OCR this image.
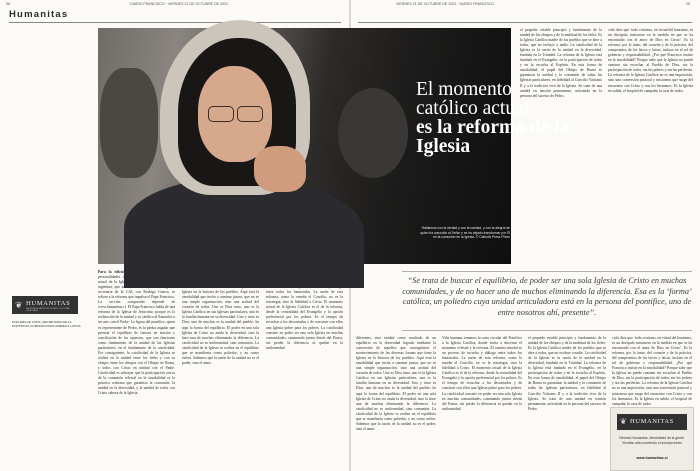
96	DIARIO FRANCISCO · VIERNES 21 DE OCTUBRE DE 2022	VIERNES 21 DE OCTUBRE DE 2022 · DIARIO FRANCISCO	25
Humanitas
El momento
católico actual
es la reforma de la Iglesia

Hablamos con la verdad y con la caridad, y con la alegría de quien ha conocido al Señor y se ha dejado transformar por Él en la comunión de la Iglesia. © Catholic Press Photo

❦ HUMANITAS
REVISTA DE ANTROPOLOGÍA Y CULTURA CRISTIANA

POR EMILCE CUDA, SECRETARIA DE LA PONTIFICIA COMISIÓN PARA AMÉRICA LATINA

Para la edición n°600 de Humanitas diez personalidades reflexionaron sobre el momento actual de la Iglesia. Emilce Cuda, teóloga laica argentina, que actualmente comparte el cargo de secretaria de la CAL con Rodrigo Guerra, se refiere a la reforma que impulsa el Papa Francisco. La sección compartida depende de www.humanitas.cl. El Papa Francisco habla de una reforma de la Iglesia de Jesucristo porque es la realización de la unidad y es católica al llamarlos a ser uno con el Padre. La figura del pontífice, quien es representante de Pedro, es la piedra angular que permite el equilibrio de fuerzas en tensión y conciliación de los opuestos, que son funciones como fundamento de la unidad de las Iglesias particulares, en el fundamento de la catolicidad. Por consiguiente, la catolicidad de la Iglesia se realiza en la unidad entre los fieles y con su obispo; entre los obispos con el Obispo de Roma, y todos con Cristo en unidad con el Padre. Catolicidad es subrayar que la participación activa de la comunión eclesial en la sinodalidad es la práctica cristiana que garantiza la comunión, la unidad en la diversidad, y la unidad de todos con Cristo cabeza de la Iglesia.

diferentes, sino unidad como resultado de un equilibrio en la diversidad logrado mediante la conversión de aquellos que conseguimos el acontecimiento de las diversas formas que tiene la Iglesia en la historia de los pueblos. Aquí está la sinodalidad que invita a caminar juntos, que no es una simple organización, sino una actitud del corazón de todos. Uno es Dios trino, uno es la Iglesia Católica en sus Iglesias particulares, una es la familia humana en su diversidad. Uno y trino es Dios, uno de muchos es la unidad del pueblo: he aquí la forma del equilibrio. El poder en una sola Iglesia de Cristo no anula la diversidad, sino la hace una de muchas eliminando la diferencia. La catolicidad no es uniformidad, sino comunión. La catolicidad de la Iglesia se realiza en el equilibrio que se manifiesta como poliedro, y no como esfera. Sabemos que la razón de la unidad no es el poder, sino el amor.

Vida humana, tenemos la carta circular del Pontífice a la Iglesia Católica, donde invita a discernir el momento eclesial y la reforma. El camino sinodal es un proceso de escucha y diálogo entre todos los bautizados. La razón de esta reforma, como lo enseña el Concilio, no es la estrategia, sino la fidelidad a Cristo. El momento actual de la Iglesia Católica es el de la reforma, desde la centralidad del Evangelio y la opción preferencial por los pobres. Es el tiempo de escuchar a los descartados y de construir con ellos una Iglesia pobre para los pobres. La catolicidad consiste en poder ser una sola Iglesia en muchas comunidades, caminando juntos detrás del Pastor, sin perder la diferencia ni quedar en la uniformidad.

el pequeño estable principio y fundamento de la unidad de los obispos y de la multitud de los fieles. Es la Iglesia Católica madre de los pueblos que se abre a todos, que no excluye a nadie. La catolicidad de la Iglesia es la razón de la unidad en la diversidad, fundada en la Trinidad. La reforma de la Iglesia está fundada en el Evangelio, en la participación de todos y en la escucha al Espíritu. En esta forma de sinodalidad, el papel del Obispo de Roma es garantizar la unidad y la comunión de todas las Iglesias particulares, en fidelidad al Concilio Vaticano II y a la tradición viva de la Iglesia. Se trata de una unidad en tensión permanente, articulada en la persona del sucesor de Pedro.

ciclo diez que ‘todo cristiano, en virtud del bautismo, es un discípulo misionero en la medida en que se ha encontrado con el amor de Dios en Cristo’. Es la reforma, por lo tanto, del corazón y de la práctica, del compromiso de los laicos y laicas, incluso en el rol de gobierno y responsabilidad. ¿Por qué Francisco insiste en la sinodalidad? Porque sabe que la Iglesia no puede caminar sin escuchar al Pueblo de Dios, sin la participación de todos, sin los pobres y sin las periferias. La reforma de la Iglesia Católica no es una imposición, sino una conversión pastoral y misionera que surge del encuentro con Cristo y con los hermanos. Es la Iglesia en salida, el hospital de campaña, la casa de todos.

“Se trata de buscar el equilibrio, de poder ser una sola Iglesia de Cristo en muchas comunidades, y de no hacer uno de muchos eliminando la diferencia. Esa es la ‘forma’ católica, un poliedro cuya unidad articuladora está en la persona del pontífice, uno de entre nosotros ahí, presente”.

diferentes, sino unidad como resultado de un equilibrio en la diversidad logrado mediante la conversión de aquellos que conseguimos el acontecimiento de las diversas formas que tiene la Iglesia en la historia de los pueblos. Aquí está la sinodalidad que invita a caminar juntos, que no es una simple organización, sino una actitud del corazón de todos. Uno es Dios trino, uno es la Iglesia Católica en sus Iglesias particulares, una es la familia humana en su diversidad. Uno y trino es Dios, uno de muchos es la unidad del pueblo: he aquí la forma del equilibrio. El poder en una sola Iglesia de Cristo no anula la diversidad, sino la hace una de muchas eliminando la diferencia. La catolicidad no es uniformidad, sino comunión. La catolicidad de la Iglesia se realiza en el equilibrio que se manifiesta como poliedro, y no como esfera. Sabemos que la razón de la unidad no es el poder, sino el amor.

Vida humana, tenemos la carta circular del Pontífice a la Iglesia Católica, donde invita a discernir el momento eclesial y la reforma. El camino sinodal es un proceso de escucha y diálogo entre todos los bautizados. La razón de esta reforma, como lo enseña el Concilio, no es la estrategia, sino la fidelidad a Cristo. El momento actual de la Iglesia Católica es el de la reforma, desde la centralidad del Evangelio y la opción preferencial por los pobres. Es el tiempo de escuchar a los descartados y de construir con ellos una Iglesia pobre para los pobres. La catolicidad consiste en poder ser una sola Iglesia en muchas comunidades, caminando juntos detrás del Pastor, sin perder la diferencia ni quedar en la uniformidad.

el pequeño estable principio y fundamento de la unidad de los obispos y de la multitud de los fieles. Es la Iglesia Católica madre de los pueblos que se abre a todos, que no excluye a nadie. La catolicidad de la Iglesia es la razón de la unidad en la diversidad, fundada en la Trinidad. La reforma de la Iglesia está fundada en el Evangelio, en la participación de todos y en la escucha al Espíritu. En esta forma de sinodalidad, el papel del Obispo de Roma es garantizar la unidad y la comunión de todas las Iglesias particulares, en fidelidad al Concilio Vaticano II y a la tradición viva de la Iglesia. Se trata de una unidad en tensión permanente, articulada en la persona del sucesor de Pedro.

ciclo diez que ‘todo cristiano, en virtud del bautismo, es un discípulo misionero en la medida en que se ha encontrado con el amor de Dios en Cristo’. Es la reforma, por lo tanto, del corazón y de la práctica, del compromiso de los laicos y laicas, incluso en el rol de gobierno y responsabilidad. ¿Por qué Francisco insiste en la sinodalidad? Porque sabe que la Iglesia no puede caminar sin escuchar al Pueblo de Dios, sin la participación de todos, sin los pobres y sin las periferias. La reforma de la Iglesia Católica no es una imposición, sino una conversión pastoral y misionera que surge del encuentro con Cristo y con los hermanos. Es la Iglesia en salida, el hospital de campaña, la casa de todos.

❦ HUMANITAS

Revista Humanitas. Mentalidad de la gente. Vendido allá conviendo el suscripciones

www.humanitas.cl
